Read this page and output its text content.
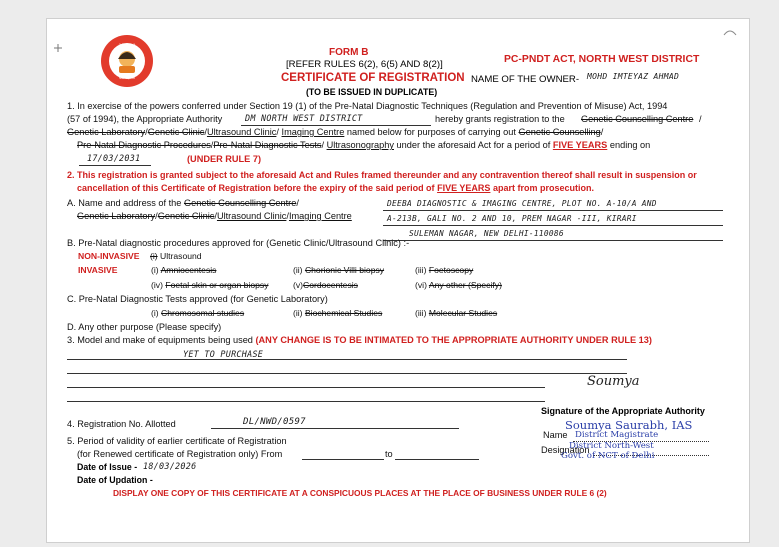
बेटी बचाओ
बेटी पढ़ाओ
FORM B
[REFER RULES 6(2), 6(5) AND 8(2)]
CERTIFICATE OF REGISTRATION
(TO BE ISSUED IN DUPLICATE)
PC-PNDT ACT, NORTH WEST DISTRICT
NAME OF THE OWNER- MOHD IMTEYAZ AHMAD
1. In exercise of the powers conferred under Section 19 (1) of the Pre-Natal Diagnostic Techniques (Regulation and Prevention of Misuse) Act, 1994
(57 of 1994), the Appropriate Authority	DM NORTH WEST DISTRICT	hereby grants registration to the Genetic Counselling Centre /
Genetic Laboratory/Genetic Clinic/Ultrasound Clinic/ Imaging Centre named below for purposes of carrying out Genetic Counselling/
Pre-Natal Diagnostic Procedures/Pre-Natal Diagnostic Tests/ Ultrasonography under the aforesaid Act for a period of FIVE YEARS ending on
17/03/2031	(UNDER RULE 7)
2. This registration is granted subject to the aforesaid Act and Rules framed thereunder and any contravention thereof shall result in suspension or
cancellation of this Certificate of Registration before the expiry of the said period of FIVE YEARS apart from prosecution.
A. Name and address of the Genetic Counselling Centre/
Genetic Laboratory/Genetic Clinic/Ultrasound Clinic/Imaging Centre
DEEBA DIAGNOSTIC & IMAGING CENTRE, PLOT NO. A-10/A AND
A-213B, GALI NO. 2 AND 10, PREM NAGAR -III, KIRARI
SULEMAN NAGAR, NEW DELHI-110086
B. Pre-Natal diagnostic procedures approved for (Genetic Clinic/Ultrasound Clinic) :-
NON-INVASIVE (i) Ultrasound
INVASIVE	(i) Amniocentesis	(ii) Chorionic Villi biopsy	(iii) Foetoscopy
(iv) Foetal skin or organ biopsy	(v)Cordocentesis	(vi) Any other (Specify)
C. Pre-Natal Diagnostic Tests approved (for Genetic Laboratory)
(i) Chromosomal studies	(ii) Biochemical Studies	(iii) Molecular Studies
D. Any other purpose (Please specify)
3. Model and make of equipments being used (ANY CHANGE IS TO BE INTIMATED TO THE APPROPRIATE AUTHORITY UNDER RULE 13)
YET TO PURCHASE
Soumya
Signature of the Appropriate Authority
Soumya Saurabh, IAS
Name District Magistrate
District North-West
Designation
Govt. of NCT of Delhi
4. Registration No. Allotted	DL/NWD/0597
5. Period of validity of earlier certificate of Registration
(for Renewed certificate of Registration only) From	to
Date of Issue - 18/03/2026
Date of Updation -
DISPLAY ONE COPY OF THIS CERTIFICATE AT A CONSPICUOUS PLACES AT THE PLACE OF BUSINESS UNDER RULE 6 (2)
